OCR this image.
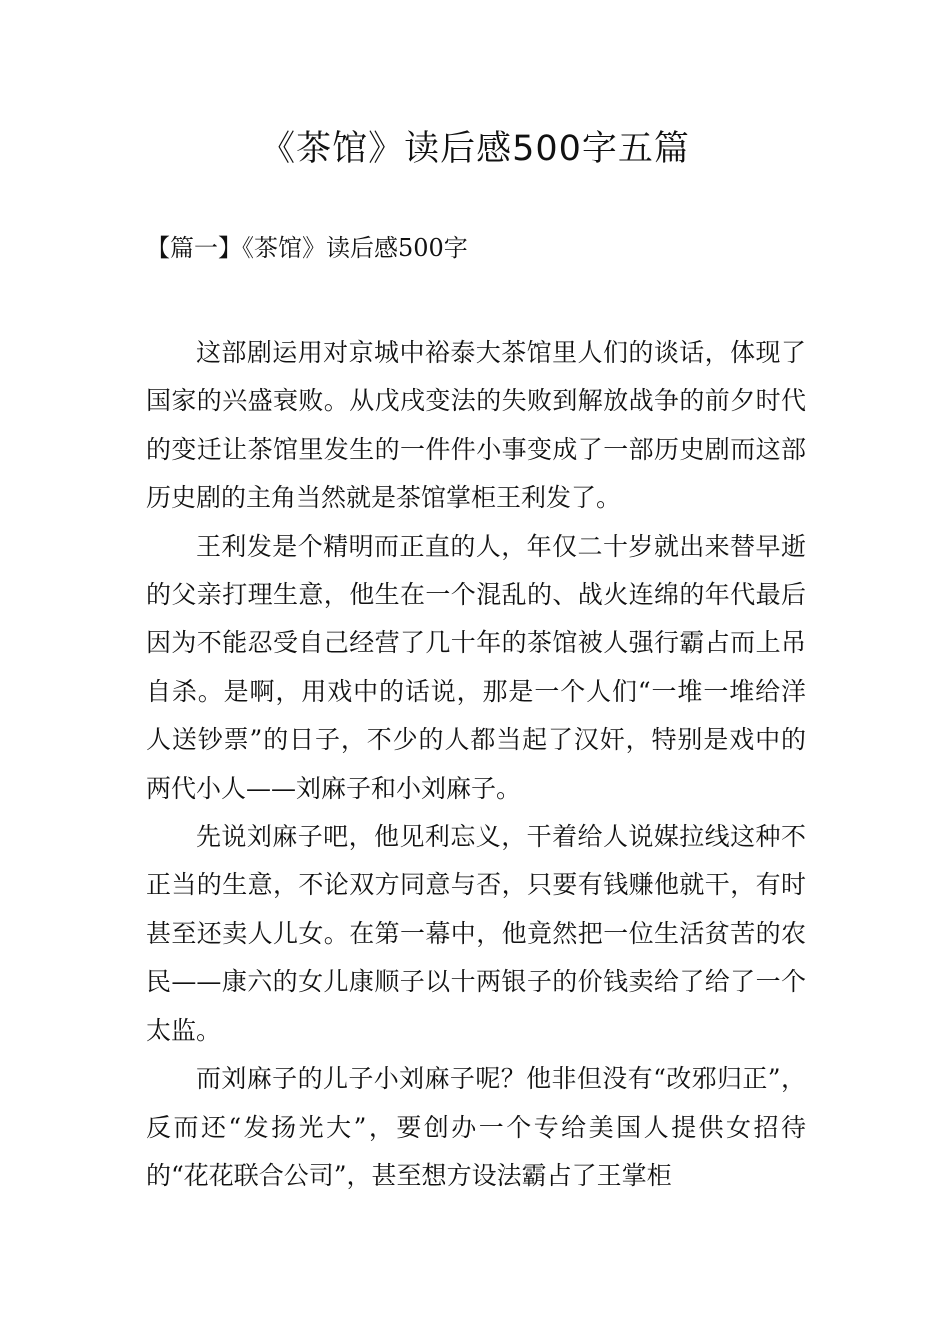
《茶馆》读后感500字五篇
【篇一】《茶馆》读后感500字

这部剧运用对京城中裕泰大茶馆里人们的谈话，体现了国家的兴盛衰败。从戊戌变法的失败到解放战争的前夕时代的变迁让茶馆里发生的一件件小事变成了一部历史剧而这部历史剧的主角当然就是茶馆掌柜王利发了。

王利发是个精明而正直的人，年仅二十岁就出来替早逝的父亲打理生意，他生在一个混乱的、战火连绵的年代最后因为不能忍受自己经营了几十年的茶馆被人强行霸占而上吊自杀。是啊，用戏中的话说，那是一个人们“一堆一堆给洋人送钞票”的日子，不少的人都当起了汉奸，特别是戏中的两代小人——刘麻子和小刘麻子。

先说刘麻子吧，他见利忘义，干着给人说媒拉线这种不正当的生意，不论双方同意与否，只要有钱赚他就干，有时甚至还卖人儿女。在第一幕中，他竟然把一位生活贫苦的农民——康六的女儿康顺子以十两银子的价钱卖给了给了一个太监。

而刘麻子的儿子小刘麻子呢？他非但没有“改邪归正”，反而还“发扬光大”，要创办一个专给美国人提供女招待的“花花联合公司”，甚至想方设法霸占了王掌柜
